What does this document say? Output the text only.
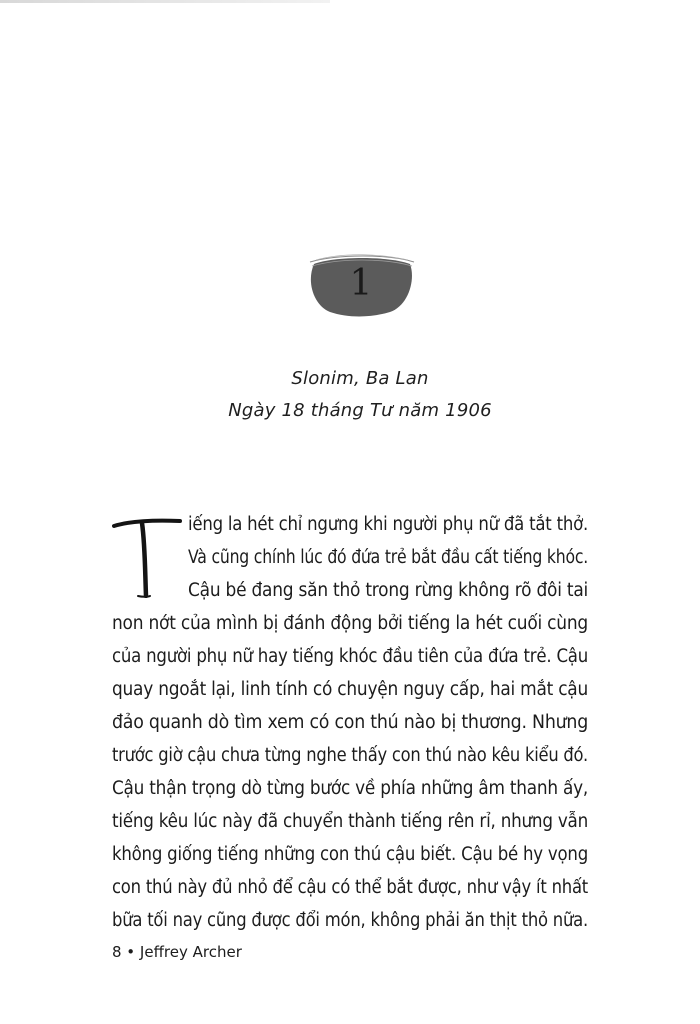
1
Slonim, Ba Lan
Ngày 18 tháng Tư năm 1906
iếng la hét chỉ ngưng khi người phụ nữ đã tắt thở.
Và cũng chính lúc đó đứa trẻ bắt đầu cất tiếng khóc.
Cậu bé đang săn thỏ trong rừng không rõ đôi tai
non nớt của mình bị đánh động bởi tiếng la hét cuối cùng
của người phụ nữ hay tiếng khóc đầu tiên của đứa trẻ. Cậu
quay ngoắt lại, linh tính có chuyện nguy cấp, hai mắt cậu
đảo quanh dò tìm xem có con thú nào bị thương. Nhưng
trước giờ cậu chưa từng nghe thấy con thú nào kêu kiểu đó.
Cậu thận trọng dò từng bước về phía những âm thanh ấy,
tiếng kêu lúc này đã chuyển thành tiếng rên rỉ, nhưng vẫn
không giống tiếng những con thú cậu biết. Cậu bé hy vọng
con thú này đủ nhỏ để cậu có thể bắt được, như vậy ít nhất
bữa tối nay cũng được đổi món, không phải ăn thịt thỏ nữa.
8 • Jeffrey Archer
